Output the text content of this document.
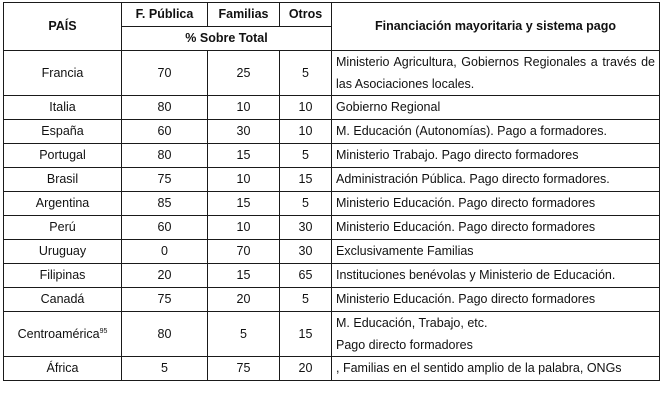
PAÍS	F. Pública	Familias	Otros	Financiación mayoritaria y sistema pago
	% Sobre Total			
Francia	70	25	5	Ministerio Agricultura, Gobiernos Regionales a través de las Asociaciones locales.
Italia	80	10	10	Gobierno Regional
España	60	30	10	M. Educación (Autonomías). Pago a formadores.
Portugal	80	15	5	Ministerio Trabajo. Pago directo formadores
Brasil	75	10	15	Administración Pública. Pago directo formadores.
Argentina	85	15	5	Ministerio Educación. Pago directo formadores
Perú	60	10	30	Ministerio Educación. Pago directo formadores
Uruguay	0	70	30	Exclusivamente Familias
Filipinas	20	15	65	Instituciones benévolas y Ministerio de Educación.
Canadá	75	20	5	Ministerio Educación. Pago directo formadores
Centroamérica$^{95}$	80	5	15	M. Educación, Trabajo, etc.
Pago directo formadores

África	5	75	20	, Familias en el sentido amplio de la palabra, ONGs
